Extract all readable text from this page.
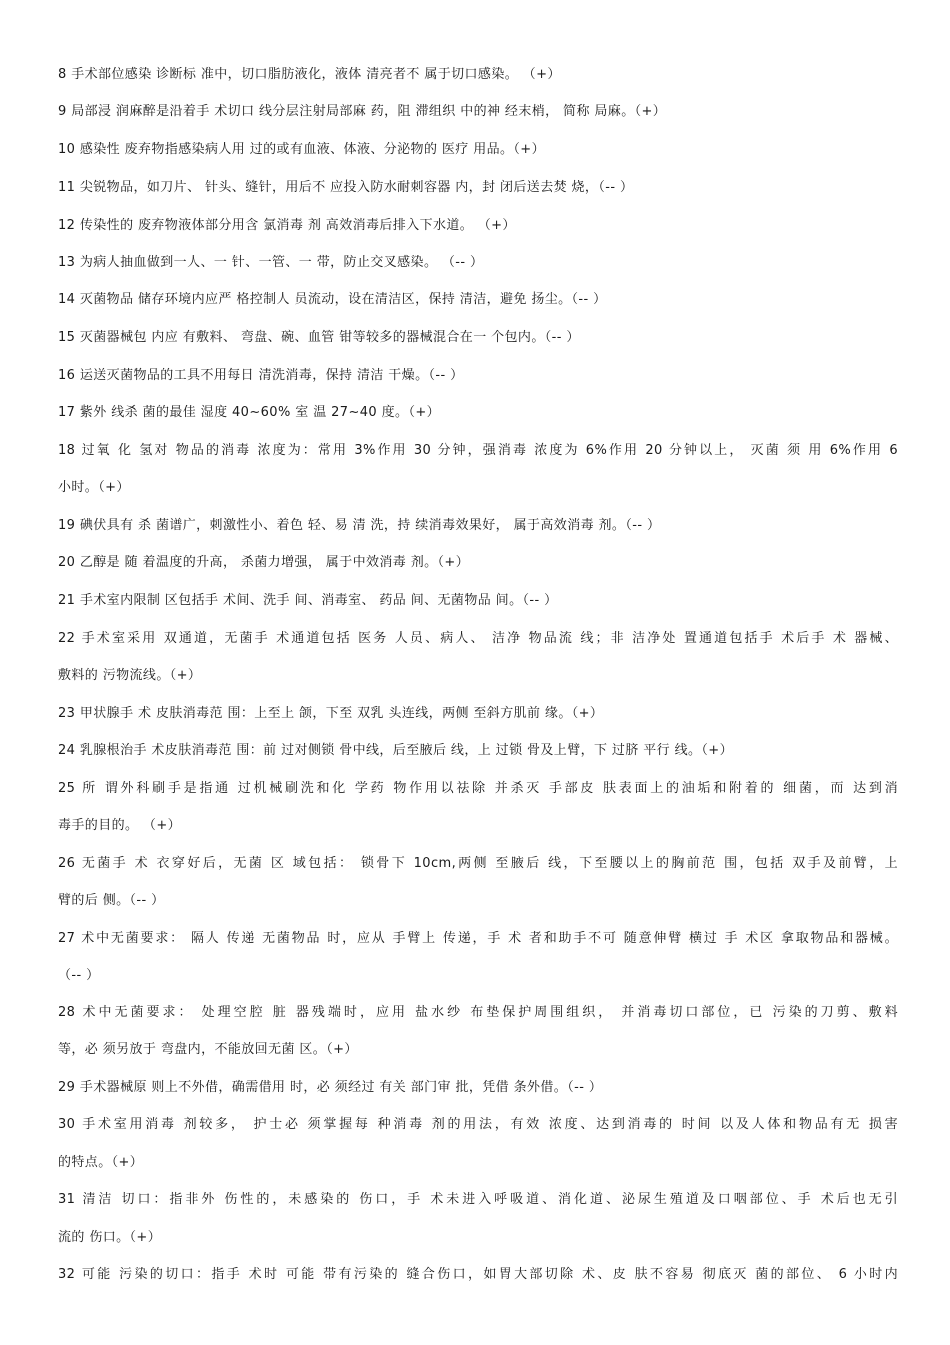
8 手术部位感染 诊断标 准中，切口脂肪液化，液体 清亮者不 属于切口感染。 （+）
9 局部浸 润麻醉是沿着手 术切口 线分层注射局部麻 药，阻 滞组织 中的神 经末梢， 简称 局麻。（+）
10 感染性 废弃物指感染病人用 过的或有血液、体液、分泌物的 医疗 用品。（+）
11 尖锐物品，如刀片、 针头、缝针，用后不 应投入防水耐刺容器 内，封 闭后送去焚 烧，（-- ）
12 传染性的 废弃物液体部分用含 氯消毒 剂 高效消毒后排入下水道。 （+）
13 为病人抽血做到一人、一 针、一管、一 带，防止交叉感染。 （-- ）
14 灭菌物品 储存环境内应严 格控制人 员流动，设在清洁区，保持 清洁，避免 扬尘。（-- ）
15 灭菌器械包 内应 有敷料、 弯盘、碗、血管 钳等较多的器械混合在一 个包内。（-- ）
16 运送灭菌物品的工具不用每日 清洗消毒，保持 清洁 干燥。（-- ）
17 紫外 线杀 菌的最佳 湿度 40~60% 室 温 27~40 度。（+）
18 过氧 化 氢对 物品的消毒 浓度为：常用 3%作用 30 分钟，强消毒 浓度为 6%作用 20 分钟以上， 灭菌 须 用 6%作用 6
小时。（+）
19 碘伏具有 杀 菌谱广，刺激性小、着色 轻、易 清 洗，持 续消毒效果好， 属于高效消毒 剂。（-- ）
20 乙醇是 随 着温度的升高， 杀菌力增强， 属于中效消毒 剂。（+）
21 手术室内限制 区包括手 术间、洗手 间、消毒室、 药品 间、无菌物品 间。（-- ）
22 手术室采用 双通道，无菌手 术通道包括 医务 人员、病人、 洁净 物品流 线；非 洁净处 置通道包括手 术后手 术 器械、
敷料的 污物流线。（+）
23 甲状腺手 术 皮肤消毒范 围：上至上 颌，下至 双乳 头连线，两侧 至斜方肌前 缘。（+）
24 乳腺根治手 术皮肤消毒范 围：前 过对侧锁 骨中线，后至腋后 线，上 过锁 骨及上臂，下 过脐 平行 线。（+）
25 所 谓外科刷手是指通 过机械刷洗和化 学药 物作用以祛除 并杀灭 手部皮 肤表面上的油垢和附着的 细菌，而 达到消
毒手的目的。 （+）
26 无菌手 术 衣穿好后，无菌 区 域包括： 锁骨下 10cm,两侧 至腋后 线，下至腰以上的胸前范 围，包括 双手及前臂，上
臂的后 侧。（-- ）
27 术中无菌要求： 隔人 传递 无菌物品 时，应从 手臂上 传递，手 术 者和助手不可 随意伸臂 横过 手 术区 拿取物品和器械。
（-- ）
28 术中无菌要求： 处理空腔 脏 器残端时，应用 盐水纱 布垫保护周围组织， 并消毒切口部位，已 污染的刀剪、敷料
等，必 须另放于 弯盘内，不能放回无菌 区。（+）
29 手术器械原 则上不外借，确需借用 时，必 须经过 有关 部门审 批，凭借 条外借。（-- ）
30 手术室用消毒 剂较多， 护士必 须掌握每 种消毒 剂的用法，有效 浓度、达到消毒的 时间 以及人体和物品有无 损害
的特点。（+）
31 清洁 切口：指非外 伤性的，未感染的 伤口，手 术未进入呼吸道、消化道、泌尿生殖道及口咽部位、手 术后也无引
流的 伤口。（+）
32 可能 污染的切口：指手 术时 可能 带有污染的 缝合伤口，如胃大部切除 术、皮 肤不容易 彻底灭 菌的部位、 6 小时内
